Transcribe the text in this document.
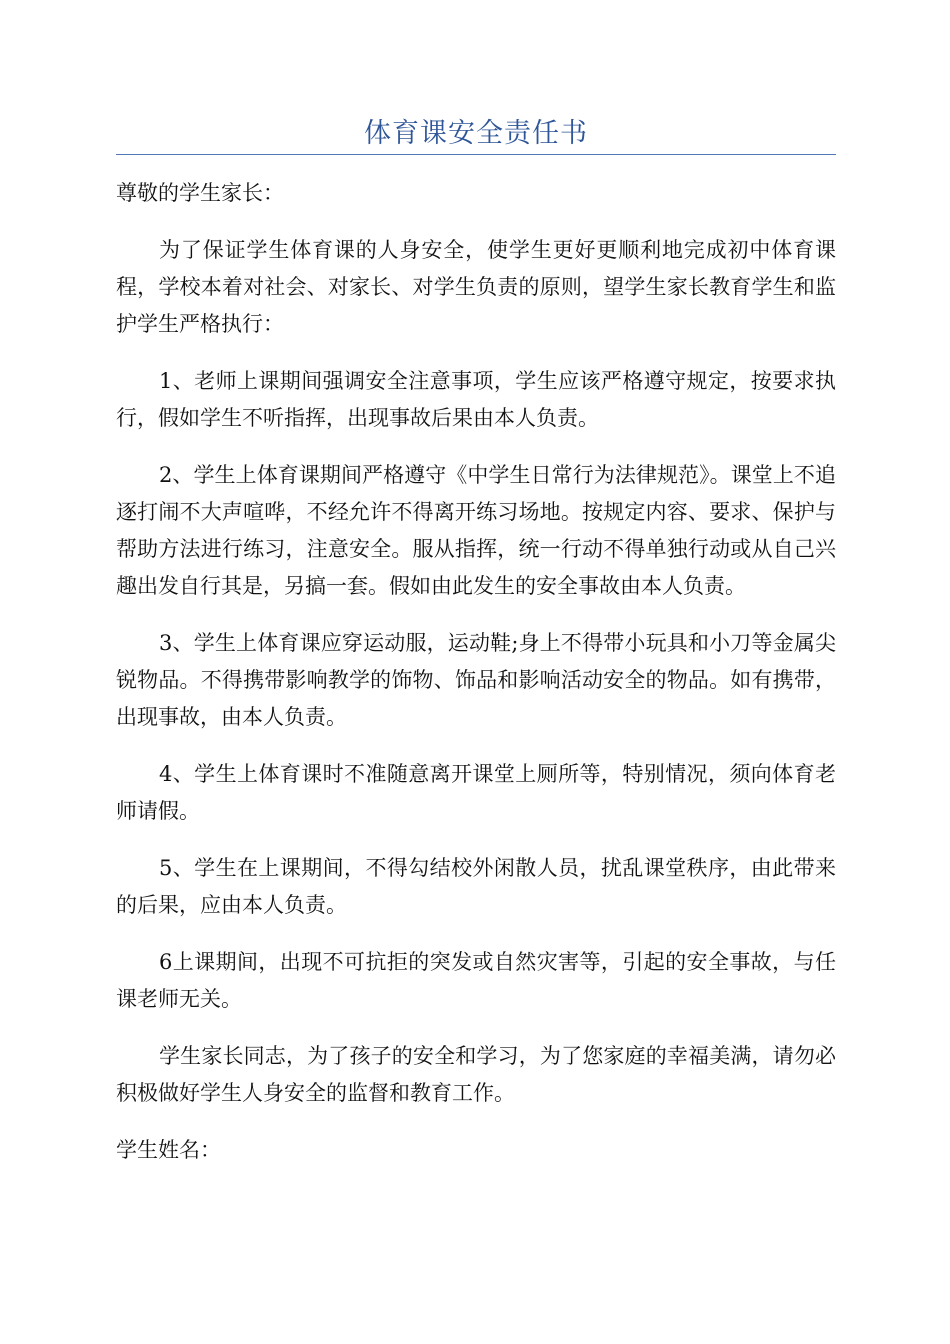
体育课安全责任书

尊敬的学生家长：

为了保证学生体育课的人身安全，使学生更好更顺利地完成初中体育课程，学校本着对社会、对家长、对学生负责的原则，望学生家长教育学生和监护学生严格执行：

1、老师上课期间强调安全注意事项，学生应该严格遵守规定，按要求执行，假如学生不听指挥，出现事故后果由本人负责。

2、学生上体育课期间严格遵守《中学生日常行为法律规范》。课堂上不追逐打闹不大声喧哗，不经允许不得离开练习场地。按规定内容、要求、保护与帮助方法进行练习，注意安全。服从指挥，统一行动不得单独行动或从自己兴趣出发自行其是，另搞一套。假如由此发生的安全事故由本人负责。

3、学生上体育课应穿运动服，运动鞋;身上不得带小玩具和小刀等金属尖锐物品。不得携带影响教学的饰物、饰品和影响活动安全的物品。如有携带，出现事故，由本人负责。

4、学生上体育课时不准随意离开课堂上厕所等，特别情况，须向体育老师请假。

5、学生在上课期间，不得勾结校外闲散人员，扰乱课堂秩序，由此带来的后果，应由本人负责。

6上课期间，出现不可抗拒的突发或自然灾害等，引起的安全事故，与任课老师无关。

学生家长同志，为了孩子的安全和学习，为了您家庭的幸福美满，请勿必积极做好学生人身安全的监督和教育工作。

学生姓名：
